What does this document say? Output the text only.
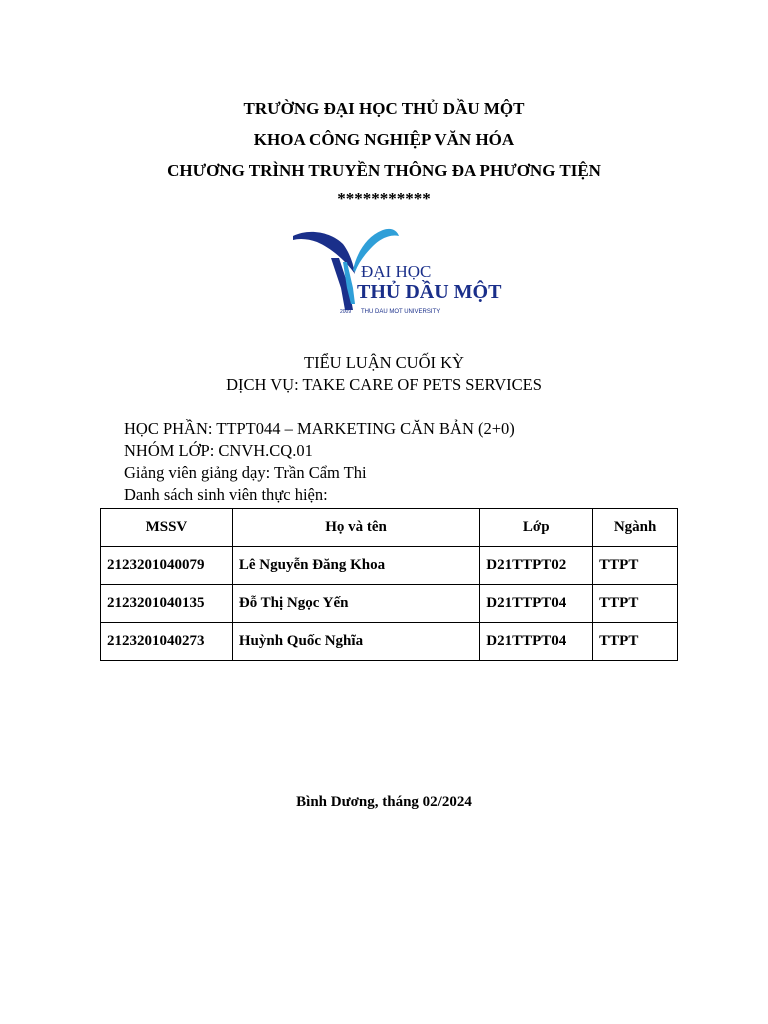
TRƯỜNG ĐẠI HỌC THỦ DẦU MỘT
KHOA CÔNG NGHIỆP VĂN HÓA
CHƯƠNG TRÌNH TRUYỀN THÔNG ĐA PHƯƠNG TIỆN
***********
ĐẠI HỌC
THỦ DẦU MỘT
2009 THU DAU MOT UNIVERSITY
TIỂU LUẬN CUỐI KỲ
DỊCH VỤ: TAKE CARE OF PETS SERVICES
HỌC PHẦN: TTPT044 – MARKETING CĂN BẢN (2+0)
NHÓM LỚP: CNVH.CQ.01
Giảng viên giảng dạy: Trần Cẩm Thi
Danh sách sinh viên thực hiện:
MSSV	Họ và tên	Lớp	Ngành
2123201040079	Lê Nguyễn Đăng Khoa	D21TTPT02	TTPT
2123201040135	Đỗ Thị Ngọc Yến	D21TTPT04	TTPT
2123201040273	Huỳnh Quốc Nghĩa	D21TTPT04	TTPT
Bình Dương, tháng 02/2024
